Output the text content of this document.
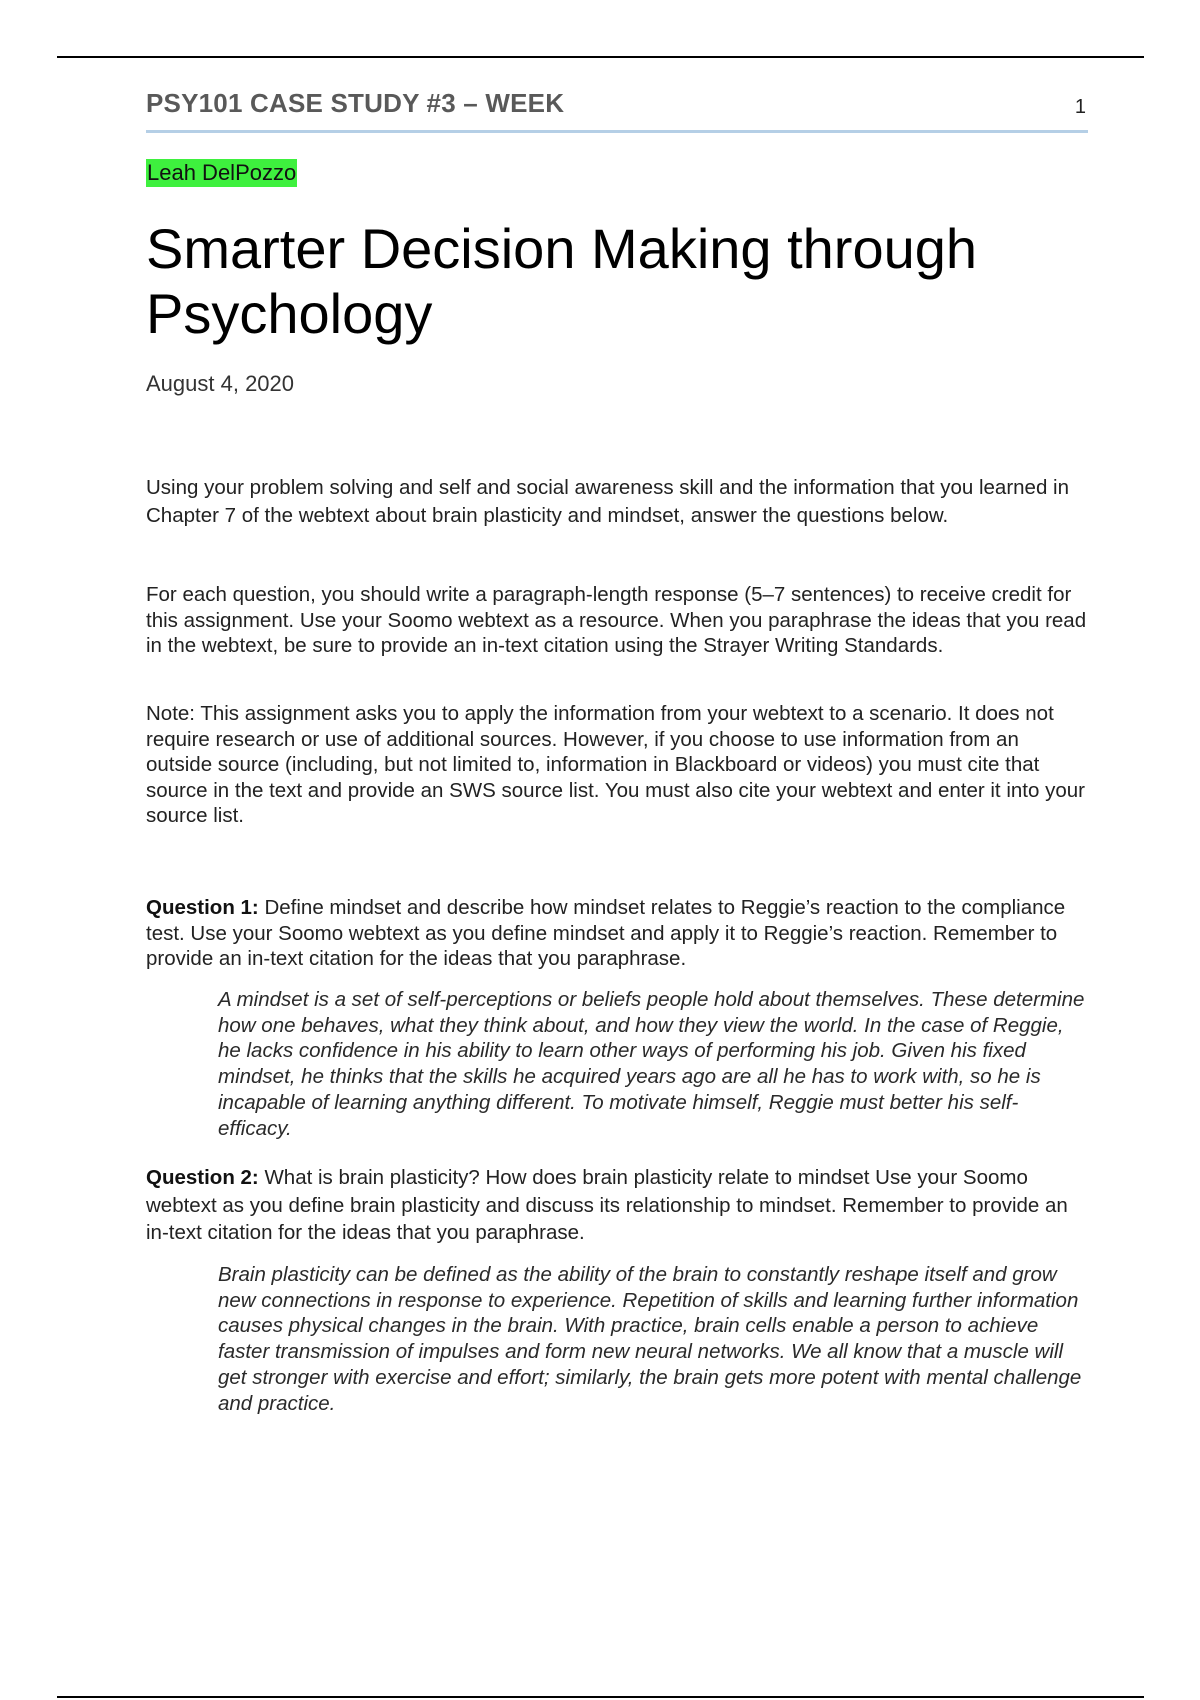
PSY101 CASE STUDY #3 – WEEK	1
Leah DelPozzo
Smarter Decision Making through Psychology
August 4, 2020

Using your problem solving and self and social awareness skill and the information that you learned in Chapter 7 of the webtext about brain plasticity and mindset, answer the questions below.

For each question, you should write a paragraph-length response (5–7 sentences) to receive credit for this assignment. Use your Soomo webtext as a resource. When you paraphrase the ideas that you read in the webtext, be sure to provide an in-text citation using the Strayer Writing Standards.

Note: This assignment asks you to apply the information from your webtext to a scenario. It does not require research or use of additional sources. However, if you choose to use information from an outside source (including, but not limited to, information in Blackboard or videos) you must cite that source in the text and provide an SWS source list. You must also cite your webtext and enter it into your source list.

Question 1: Define mindset and describe how mindset relates to Reggie’s reaction to the compliance test. Use your Soomo webtext as you define mindset and apply it to Reggie’s reaction. Remember to provide an in-text citation for the ideas that you paraphrase.

A mindset is a set of self-perceptions or beliefs people hold about themselves. These determine how one behaves, what they think about, and how they view the world. In the case of Reggie, he lacks confidence in his ability to learn other ways of performing his job. Given his fixed mindset, he thinks that the skills he acquired years ago are all he has to work with, so he is incapable of learning anything different. To motivate himself, Reggie must better his self-efficacy.

Question 2: What is brain plasticity? How does brain plasticity relate to mindset Use your Soomo webtext as you define brain plasticity and discuss its relationship to mindset. Remember to provide an in-text citation for the ideas that you paraphrase.

Brain plasticity can be defined as the ability of the brain to constantly reshape itself and grow new connections in response to experience. Repetition of skills and learning further information causes physical changes in the brain. With practice, brain cells enable a person to achieve faster transmission of impulses and form new neural networks. We all know that a muscle will get stronger with exercise and effort; similarly, the brain gets more potent with mental challenge and practice.
